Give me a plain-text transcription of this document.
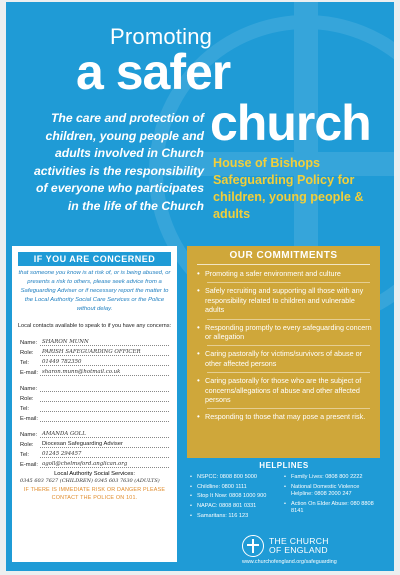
Promoting
a safer
church
The care and protection of children, young people and adults involved in Church activities is the responsibility of everyone who participates in the life of the Church
House of Bishops Safeguarding Policy for children, young people & adults
IF YOU ARE CONCERNED
that someone you know is at risk of, or is being abused, or presents a risk to others, please seek advice from a Safeguarding Adviser or if necessary report the matter to the Local Authority Social Care Services or the Police without delay.
Local contacts available to speak to if you have any concerns:
Name: SHARON MUNN
Role:	PARISH SAFEGUARDING OFFICER
Tel:	01449 782350
E-mail: sharon.munn@hotmail.co.uk
Name:
Role:
Tel:
E-mail:
Name: AMANDA GOLL
Role:	Diocesan Safeguarding Adviser
Tel:	01245 294457
E-mail: agoll@chelmsford.anglican.org
Local Authority Social Services:
0345 603 7627 (CHILDREN) 0345 603 7630 (ADULTS)
IF THERE IS IMMEDIATE RISK OR DANGER PLEASE CONTACT THE POLICE ON 101.
OUR COMMITMENTS
• Promoting a safer environment and culture
• Safely recruiting and supporting all those with any responsibility related to children and vulnerable adults
• Responding promptly to every safeguarding concern or allegation
• Caring pastorally for victims/survivors of abuse or other affected persons
• Caring pastorally for those who are the subject of concerns/allegations of abuse and other affected persons
• Responding to those that may pose a present risk.
HELPLINES
• NSPCC: 0808 800 5000
• Childline: 0800 1111
• Stop It Now: 0808 1000 900
• NAPAC: 0808 801 0331
• Samaritans: 116 123
• Family Lives: 0808 800 2222
• National Domestic Violence Helpline: 0808 2000 247
• Action On Elder Abuse: 080 8808 8141
THE CHURCH
OF ENGLAND
www.churchofengland.org/safeguarding
